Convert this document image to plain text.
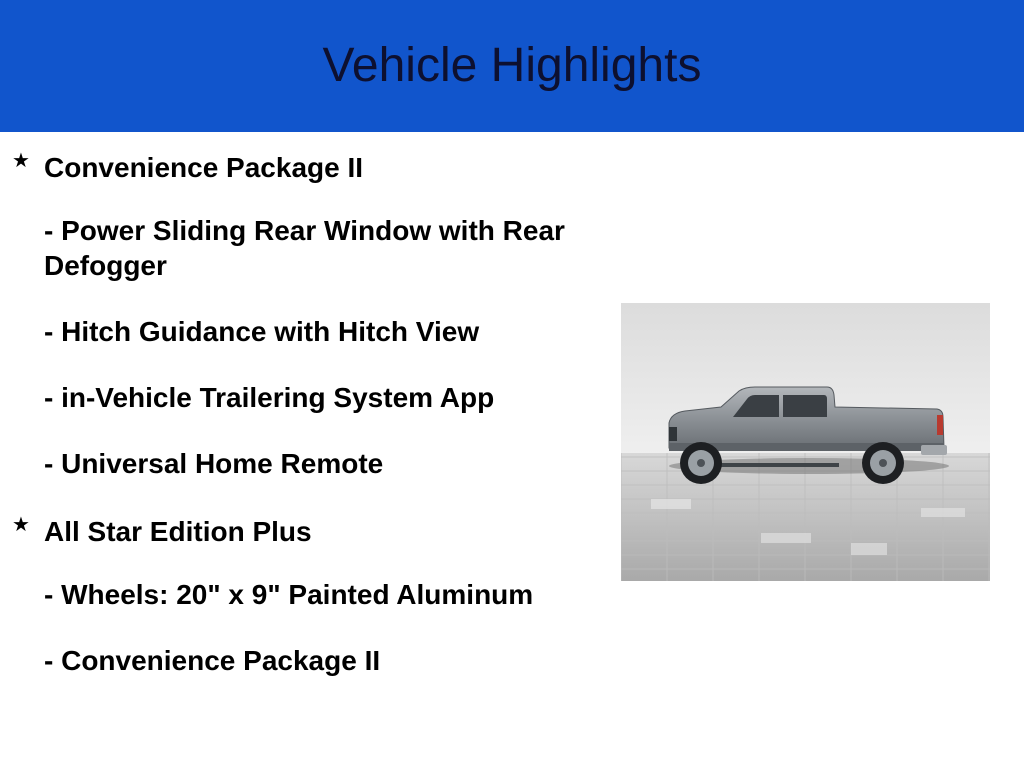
Vehicle Highlights
★ Convenience Package II
- Power Sliding Rear Window with Rear Defogger
- Hitch Guidance with Hitch View
- in-Vehicle Trailering System App
- Universal Home Remote
★ All Star Edition Plus
- Wheels: 20" x 9" Painted Aluminum
- Convenience Package II
